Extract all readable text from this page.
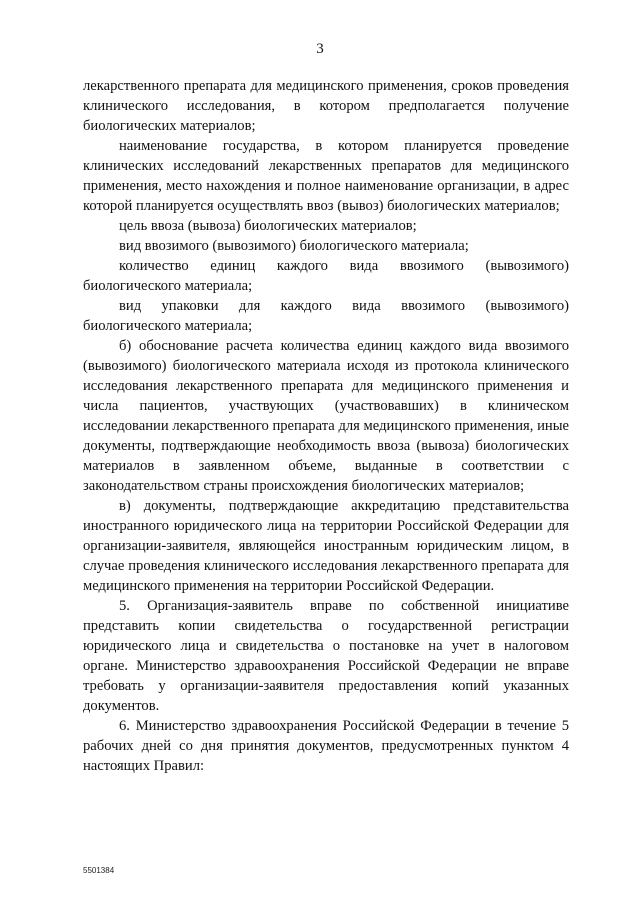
3

лекарственного препарата для медицинского применения, сроков проведения клинического исследования, в котором предполагается получение биологических материалов;

наименование государства, в котором планируется проведение клинических исследований лекарственных препаратов для медицинского применения, место нахождения и полное наименование организации, в адрес которой планируется осуществлять ввоз (вывоз) биологических материалов;

цель ввоза (вывоза) биологических материалов;

вид ввозимого (вывозимого) биологического материала;

количество единиц каждого вида ввозимого (вывозимого) биологического материала;

вид упаковки для каждого вида ввозимого (вывозимого) биологического материала;

б) обоснование расчета количества единиц каждого вида ввозимого (вывозимого) биологического материала исходя из протокола клинического исследования лекарственного препарата для медицинского применения и числа пациентов, участвующих (участвовавших) в клиническом исследовании лекарственного препарата для медицинского применения, иные документы, подтверждающие необходимость ввоза (вывоза) биологических материалов в заявленном объеме, выданные в соответствии с законодательством страны происхождения биологических материалов;

в) документы, подтверждающие аккредитацию представительства иностранного юридического лица на территории Российской Федерации для организации-заявителя, являющейся иностранным юридическим лицом, в случае проведения клинического исследования лекарственного препарата для медицинского применения на территории Российской Федерации.

5. Организация-заявитель вправе по собственной инициативе представить копии свидетельства о государственной регистрации юридического лица и свидетельства о постановке на учет в налоговом органе. Министерство здравоохранения Российской Федерации не вправе требовать у организации-заявителя предоставления копий указанных документов.

6. Министерство здравоохранения Российской Федерации в течение 5 рабочих дней со дня принятия документов, предусмотренных пунктом 4 настоящих Правил:

5501384
